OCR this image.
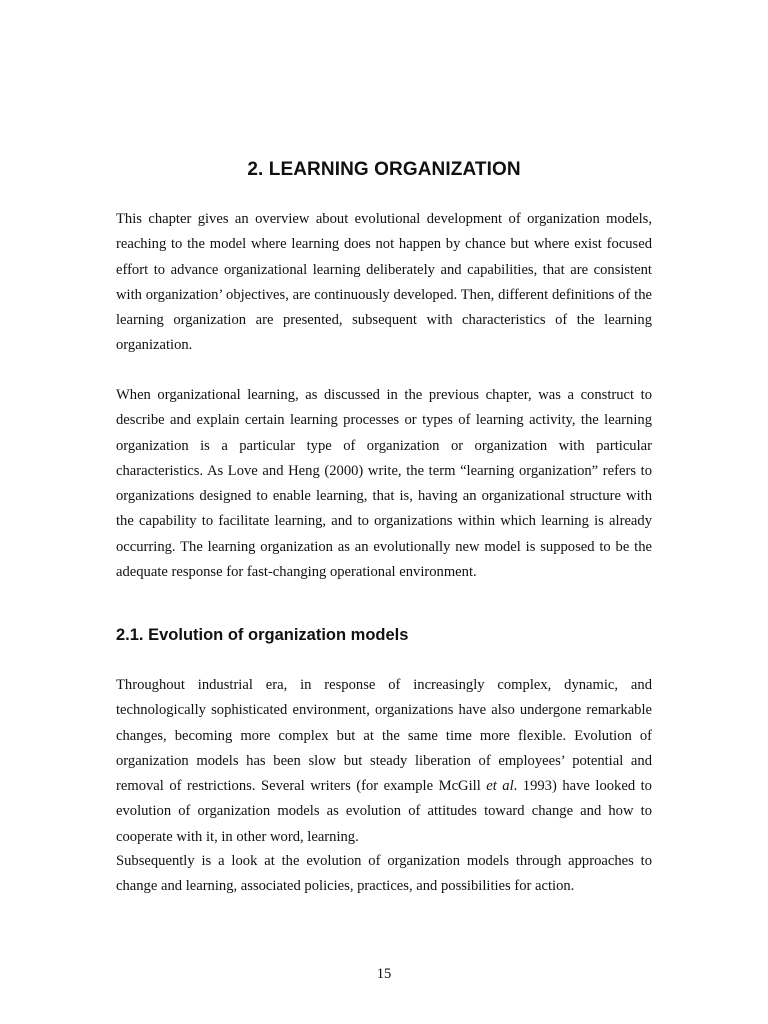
2. LEARNING ORGANIZATION

This chapter gives an overview about evolutional development of organization models, reaching to the model where learning does not happen by chance but where exist focused effort to advance organizational learning deliberately and capabilities, that are consistent with organization’ objectives, are continuously developed. Then, different definitions of the learning organization are presented, subsequent with characteristics of the learning organization.

When organizational learning, as discussed in the previous chapter, was a construct to describe and explain certain learning processes or types of learning activity, the learning organization is a particular type of organization or organization with particular characteristics. As Love and Heng (2000) write, the term “learning organization” refers to organizations designed to enable learning, that is, having an organizational structure with the capability to facilitate learning, and to organizations within which learning is already occurring. The learning organization as an evolutionally new model is supposed to be the adequate response for fast-changing operational environment.

2.1. Evolution of organization models

Throughout industrial era, in response of increasingly complex, dynamic, and technologically sophisticated environment, organizations have also undergone remarkable changes, becoming more complex but at the same time more flexible. Evolution of organization models has been slow but steady liberation of employees’ potential and removal of restrictions. Several writers (for example McGill et al. 1993) have looked to evolution of organization models as evolution of attitudes toward change and how to cooperate with it, in other word, learning.

Subsequently is a look at the evolution of organization models through approaches to change and learning, associated policies, practices, and possibilities for action.

15
